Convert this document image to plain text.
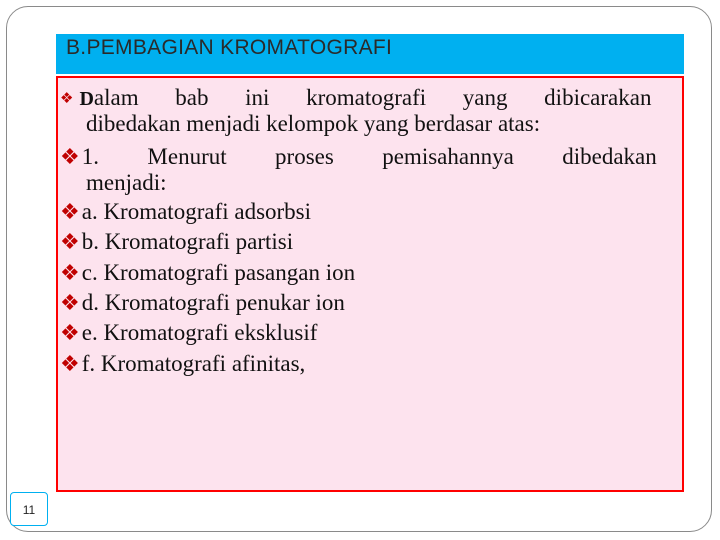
B.PEMBAGIAN KROMATOGRAFI
❖ Dalam bab ini kromatografi yang dibicarakan
dibedakan menjadi kelompok yang berdasar atas:
❖1. Menurut proses pemisahannya dibedakan
menjadi:
❖a. Kromatografi adsorbsi
❖b. Kromatografi partisi
❖c. Kromatografi pasangan ion
❖d. Kromatografi penukar ion
❖e. Kromatografi eksklusif
❖f. Kromatografi afinitas,
11
